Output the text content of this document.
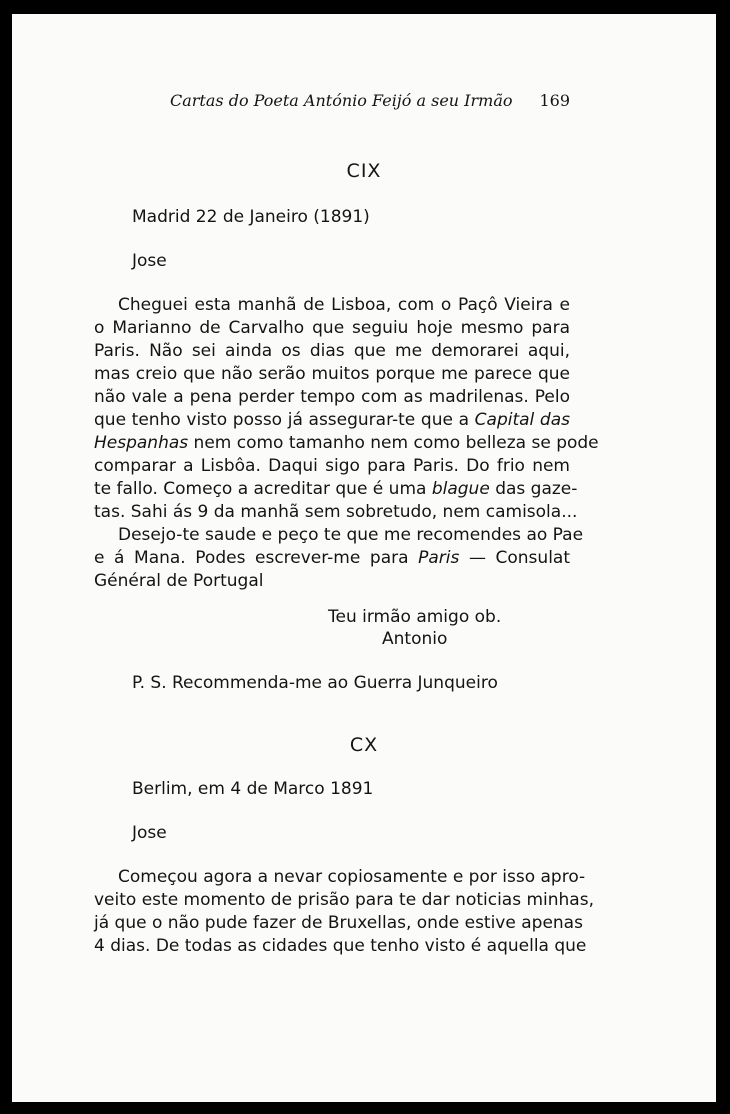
Cartas do Poeta António Feijó a seu Irmão 169
CIX
Madrid 22 de Janeiro (1891)
Jose
Cheguei esta manhã de Lisboa, com o Paçô Vieira e
o Marianno de Carvalho que seguiu hoje mesmo para
Paris. Não sei ainda os dias que me demorarei aqui,
mas creio que não serão muitos porque me parece que
não vale a pena perder tempo com as madrilenas. Pelo
que tenho visto posso já assegurar-te que a Capital das
Hespanhas nem como tamanho nem como belleza se pode
comparar a Lisbôa. Daqui sigo para Paris. Do frio nem
te fallo. Começo a acreditar que é uma blague das gaze-
tas. Sahi ás 9 da manhã sem sobretudo, nem camisola...
Desejo-te saude e peço te que me recomendes ao Pae
e á Mana. Podes escrever-me para Paris — Consulat
Général de Portugal
Teu irmão amigo ob.
Antonio
P. S. Recommenda-me ao Guerra Junqueiro
CX
Berlim, em 4 de Marco 1891
Jose
Começou agora a nevar copiosamente e por isso apro-
veito este momento de prisão para te dar noticias minhas,
já que o não pude fazer de Bruxellas, onde estive apenas
4 dias. De todas as cidades que tenho visto é aquella que
